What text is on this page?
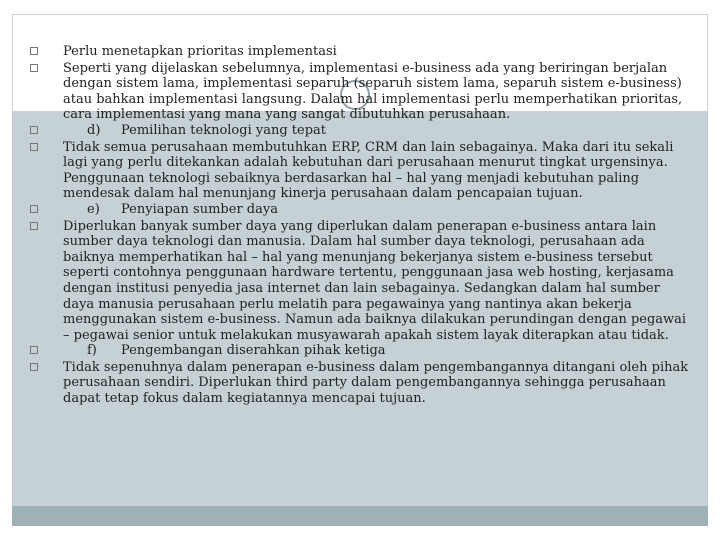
Perlu menetapkan prioritas implementasi
Seperti yang dijelaskan sebelumnya, implementasi e-business ada yang beriringan berjalan dengan sistem lama, implementasi separuh (separuh sistem lama, separuh sistem e-business) atau bahkan implementasi langsung. Dalam hal implementasi perlu memperhatikan prioritas, cara implementasi yang mana yang sangat dibutuhkan perusahaan.
d) Pemilihan teknologi yang tepat
Tidak semua perusahaan membutuhkan ERP, CRM dan lain sebagainya. Maka dari itu sekali lagi yang perlu ditekankan adalah kebutuhan dari perusahaan menurut tingkat urgensinya. Penggunaan teknologi sebaiknya berdasarkan hal – hal yang menjadi kebutuhan paling mendesak dalam hal menunjang kinerja perusahaan dalam pencapaian tujuan.
e) Penyiapan sumber daya
Diperlukan banyak sumber daya yang diperlukan dalam penerapan e-business antara lain sumber daya teknologi dan manusia. Dalam hal sumber daya teknologi, perusahaan ada baiknya memperhatikan hal – hal yang menunjang bekerjanya sistem e-business tersebut seperti contohnya penggunaan hardware tertentu, penggunaan jasa web hosting, kerjasama dengan institusi penyedia jasa internet dan lain sebagainya. Sedangkan dalam hal sumber daya manusia perusahaan perlu melatih para pegawainya yang nantinya akan bekerja menggunakan sistem e-business. Namun ada baiknya dilakukan perundingan dengan pegawai – pegawai senior untuk melakukan musyawarah apakah sistem layak diterapkan atau tidak.
f) Pengembangan diserahkan pihak ketiga
Tidak sepenuhnya dalam penerapan e-business dalam pengembangannya ditangani oleh pihak perusahaan sendiri. Diperlukan third party dalam pengembangannya sehingga perusahaan dapat tetap fokus dalam kegiatannya mencapai tujuan.
